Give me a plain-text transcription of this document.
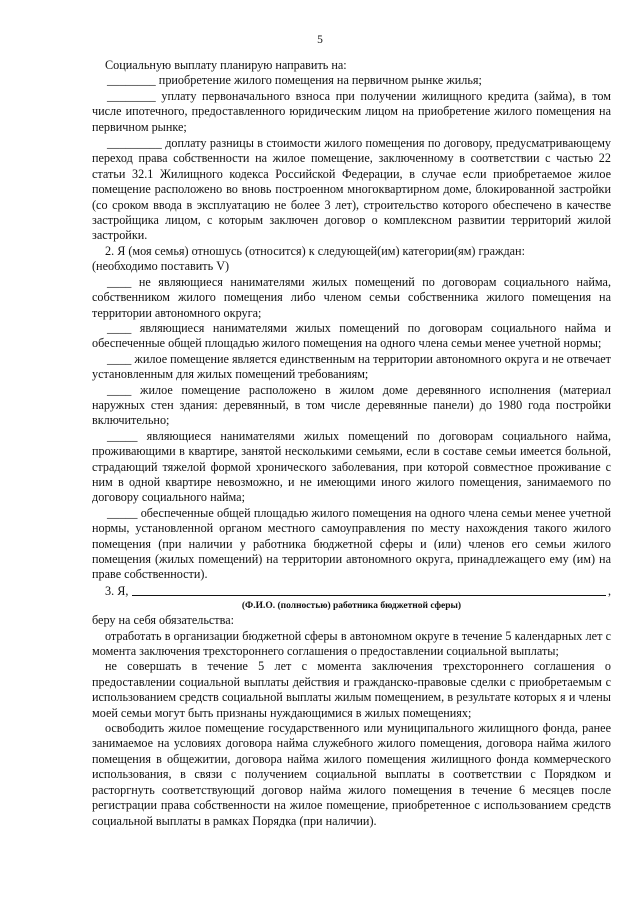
5

Социальную выплату планирую направить на:

________ приобретение жилого помещения на первичном рынке жилья;

________ уплату первоначального взноса при получении жилищного кредита (займа), в том числе ипотечного, предоставленного юридическим лицом на приобретение жилого помещения на первичном рынке;

_________ доплату разницы в стоимости жилого помещения по договору, предусматривающему переход права собственности на жилое помещение, заключенному в соответствии с частью 22 статьи 32.1 Жилищного кодекса Российской Федерации, в случае если приобретаемое жилое помещение расположено во вновь построенном многоквартирном доме, блокированной застройки (со сроком ввода в эксплуатацию не более 3 лет), строительство которого обеспечено в качестве застройщика лицом, с которым заключен договор о комплексном развитии территорий жилой застройки.

2. Я (моя семья) отношусь (относится) к следующей(им) категории(ям) граждан:

(необходимо поставить V)

____ не являющиеся нанимателями жилых помещений по договорам социального найма, собственником жилого помещения либо членом семьи собственника жилого помещения на территории автономного округа;

____ являющиеся нанимателями жилых помещений по договорам социального найма и обеспеченные общей площадью жилого помещения на одного члена семьи менее учетной нормы;

____ жилое помещение является единственным на территории автономного округа и не отвечает установленным для жилых помещений требованиям;

____ жилое помещение расположено в жилом доме деревянного исполнения (материал наружных стен здания: деревянный, в том числе деревянные панели) до 1980 года постройки включительно;

_____ являющиеся нанимателями жилых помещений по договорам социального найма, проживающими в квартире, занятой несколькими семьями, если в составе семьи имеется больной, страдающий тяжелой формой хронического заболевания, при которой совместное проживание с ним в одной квартире невозможно, и не имеющими иного жилого помещения, занимаемого по договору социального найма;

_____ обеспеченные общей площадью жилого помещения на одного члена семьи менее учетной нормы, установленной органом местного самоуправления по месту нахождения такого жилого помещения (при наличии у работника бюджетной сферы и (или) членов его семьи жилого помещения (жилых помещений) на территории автономного округа, принадлежащего ему (им) на праве собственности).

3. Я,	,
(Ф.И.О. (полностью) работника бюджетной сферы)

беру на себя обязательства:

отработать в организации бюджетной сферы в автономном округе в течение 5 календарных лет с момента заключения трехстороннего соглашения о предоставлении социальной выплаты;

не совершать в течение 5 лет с момента заключения трехстороннего соглашения о предоставлении социальной выплаты действия и гражданско-правовые сделки с приобретаемым с использованием средств социальной выплаты жилым помещением, в результате которых я и члены моей семьи могут быть признаны нуждающимися в жилых помещениях;

освободить жилое помещение государственного или муниципального жилищного фонда, ранее занимаемое на условиях договора найма служебного жилого помещения, договора найма жилого помещения в общежитии, договора найма жилого помещения жилищного фонда коммерческого использования, в связи с получением социальной выплаты в соответствии с Порядком и расторгнуть соответствующий договор найма жилого помещения в течение 6 месяцев после регистрации права собственности на жилое помещение, приобретенное с использованием средств социальной выплаты в рамках Порядка (при наличии).
